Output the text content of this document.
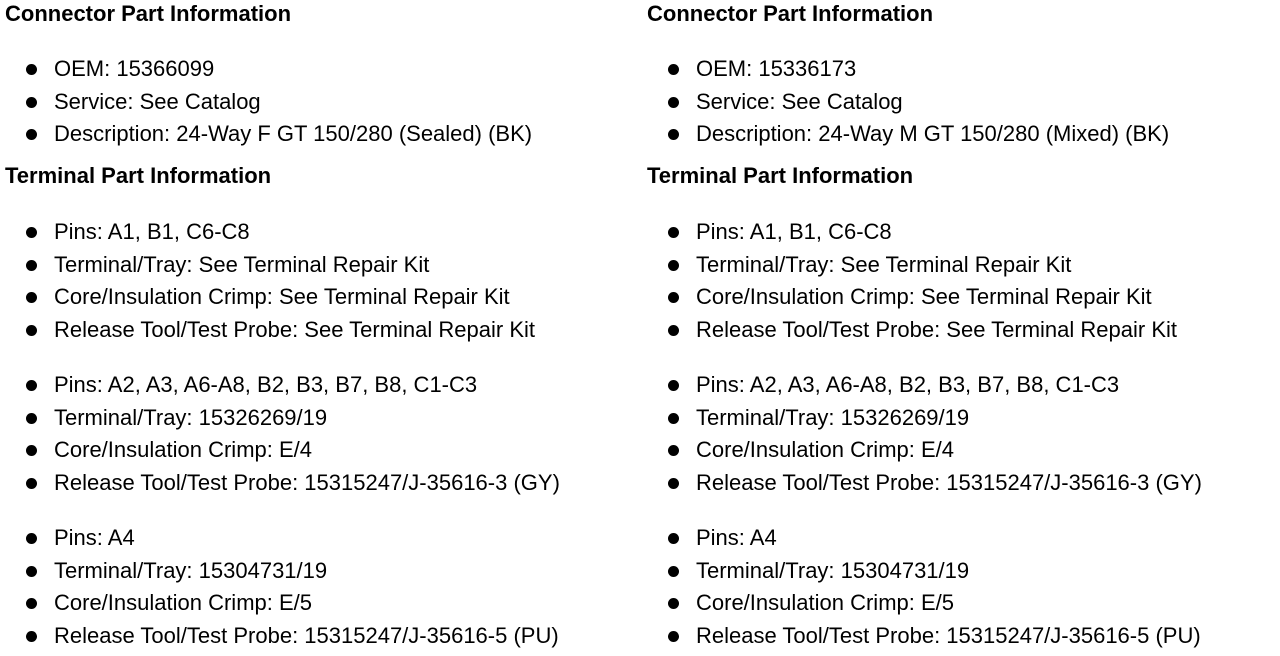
Connector Part Information
OEM: 15366099
Service: See Catalog
Description: 24-Way F GT 150/280 (Sealed) (BK)
Terminal Part Information
Pins: A1, B1, C6-C8
Terminal/Tray: See Terminal Repair Kit
Core/Insulation Crimp: See Terminal Repair Kit
Release Tool/Test Probe: See Terminal Repair Kit
Pins: A2, A3, A6-A8, B2, B3, B7, B8, C1-C3
Terminal/Tray: 15326269/19
Core/Insulation Crimp: E/4
Release Tool/Test Probe: 15315247/J-35616-3 (GY)
Pins: A4
Terminal/Tray: 15304731/19
Core/Insulation Crimp: E/5
Release Tool/Test Probe: 15315247/J-35616-5 (PU)
Connector Part Information
OEM: 15336173
Service: See Catalog
Description: 24-Way M GT 150/280 (Mixed) (BK)
Terminal Part Information
Pins: A1, B1, C6-C8
Terminal/Tray: See Terminal Repair Kit
Core/Insulation Crimp: See Terminal Repair Kit
Release Tool/Test Probe: See Terminal Repair Kit
Pins: A2, A3, A6-A8, B2, B3, B7, B8, C1-C3
Terminal/Tray: 15326269/19
Core/Insulation Crimp: E/4
Release Tool/Test Probe: 15315247/J-35616-3 (GY)
Pins: A4
Terminal/Tray: 15304731/19
Core/Insulation Crimp: E/5
Release Tool/Test Probe: 15315247/J-35616-5 (PU)
